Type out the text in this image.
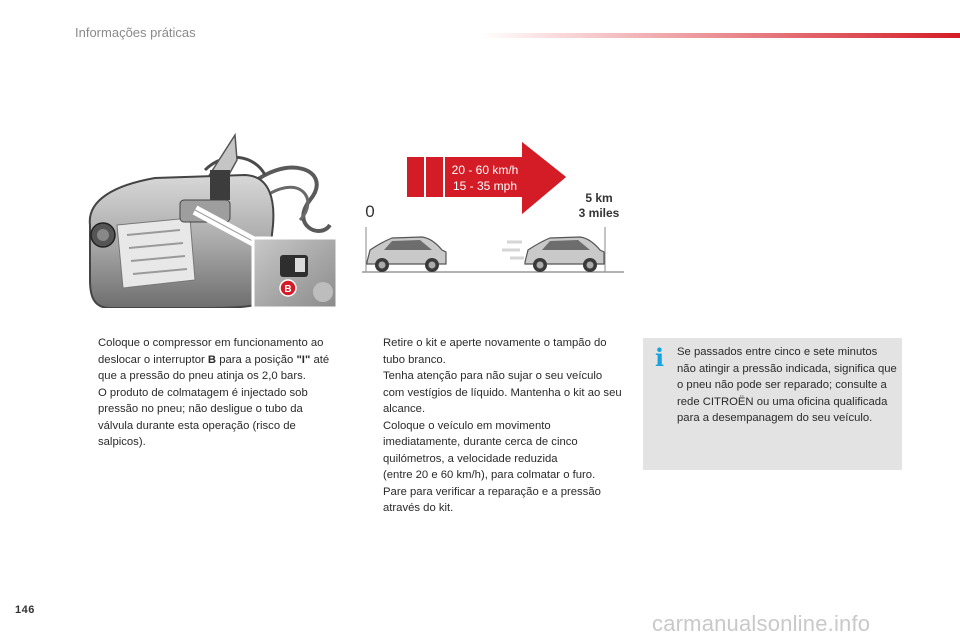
Informações práticas
B
20 - 60 km/h
15 - 35 mph
5 km
3 miles
0

Coloque o compressor em funcionamento ao deslocar o interruptor B para a posição "I" até que a pressão do pneu atinja os 2,0 bars.

O produto de colmatagem é injectado sob pressão no pneu; não desligue o tubo da válvula durante esta operação (risco de salpicos).

Retire o kit e aperte novamente o tampão do tubo branco.

Tenha atenção para não sujar o seu veículo com vestígios de líquido. Mantenha o kit ao seu alcance.

Coloque o veículo em movimento imediatamente, durante cerca de cinco quilómetros, a velocidade reduzida

(entre 20 e 60 km/h), para colmatar o furo.

Pare para verificar a reparação e a pressão através do kit.

i Se passados entre cinco e sete minutos não atingir a pressão indicada, significa que o pneu não pode ser reparado; consulte a rede CITROËN ou uma oficina qualificada para a desempanagem do seu veículo.
146
carmanualsonline.info
